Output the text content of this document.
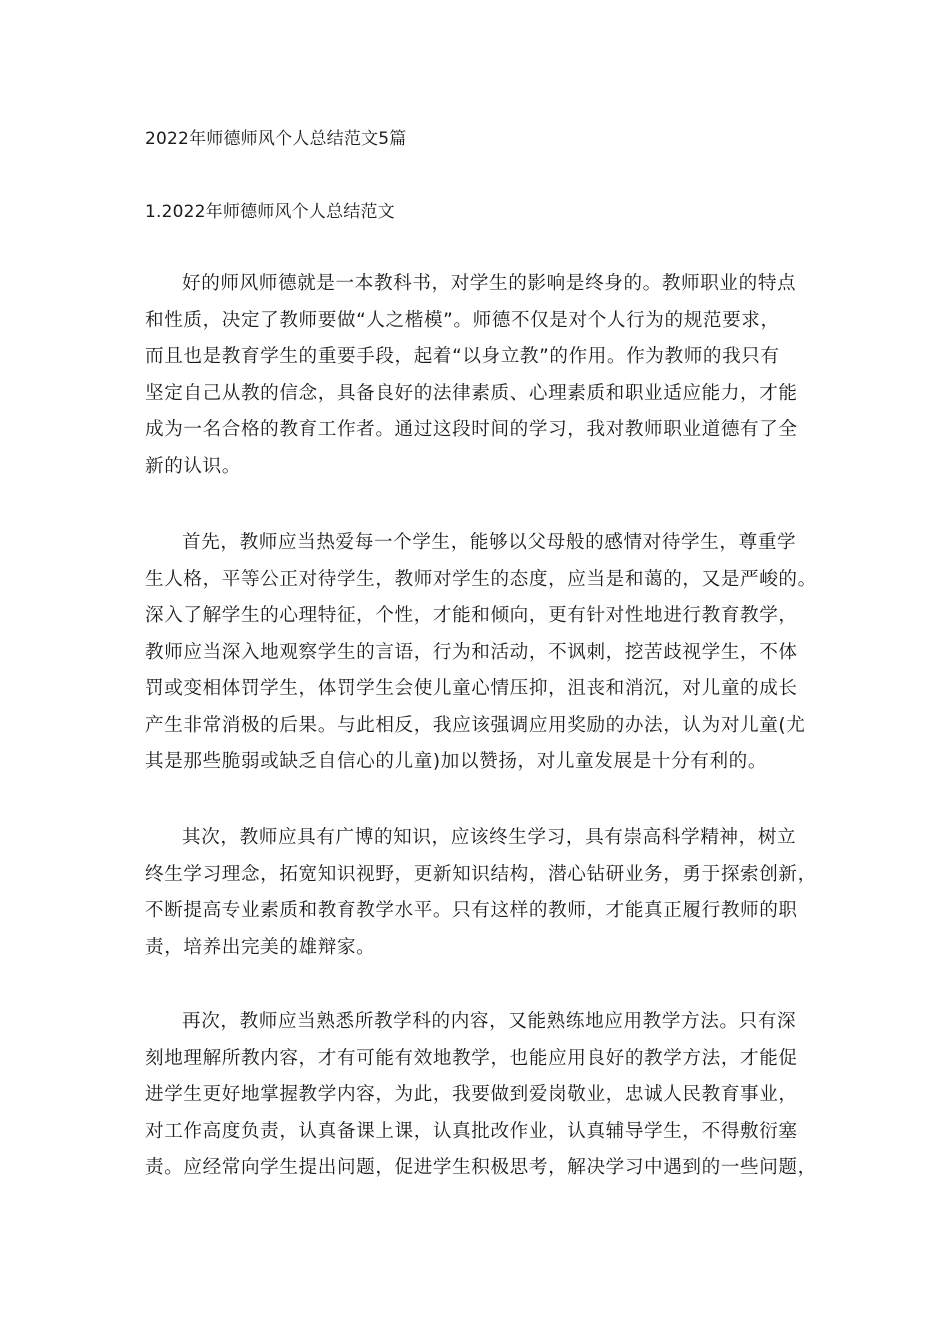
2022年师德师风个人总结范文5篇
1.2022年师德师风个人总结范文
好的师风师德就是一本教科书，对学生的影响是终身的。教师职业的特点
和性质，决定了教师要做“人之楷模”。师德不仅是对个人行为的规范要求，
而且也是教育学生的重要手段，起着“以身立教”的作用。作为教师的我只有
坚定自己从教的信念，具备良好的法律素质、心理素质和职业适应能力，才能
成为一名合格的教育工作者。通过这段时间的学习，我对教师职业道德有了全
新的认识。
首先，教师应当热爱每一个学生，能够以父母般的感情对待学生，尊重学
生人格，平等公正对待学生，教师对学生的态度，应当是和蔼的，又是严峻的。
深入了解学生的心理特征，个性，才能和倾向，更有针对性地进行教育教学，
教师应当深入地观察学生的言语，行为和活动，不讽刺，挖苦歧视学生，不体
罚或变相体罚学生，体罚学生会使儿童心情压抑，沮丧和消沉，对儿童的成长
产生非常消极的后果。与此相反，我应该强调应用奖励的办法，认为对儿童(尤
其是那些脆弱或缺乏自信心的儿童)加以赞扬，对儿童发展是十分有利的。
其次，教师应具有广博的知识，应该终生学习，具有崇高科学精神，树立
终生学习理念，拓宽知识视野，更新知识结构，潜心钻研业务，勇于探索创新，
不断提高专业素质和教育教学水平。只有这样的教师，才能真正履行教师的职
责，培养出完美的雄辩家。
再次，教师应当熟悉所教学科的内容，又能熟练地应用教学方法。只有深
刻地理解所教内容，才有可能有效地教学，也能应用良好的教学方法，才能促
进学生更好地掌握教学内容，为此，我要做到爱岗敬业，忠诚人民教育事业，
对工作高度负责，认真备课上课，认真批改作业，认真辅导学生，不得敷衍塞
责。应经常向学生提出问题，促进学生积极思考，解决学习中遇到的一些问题，
